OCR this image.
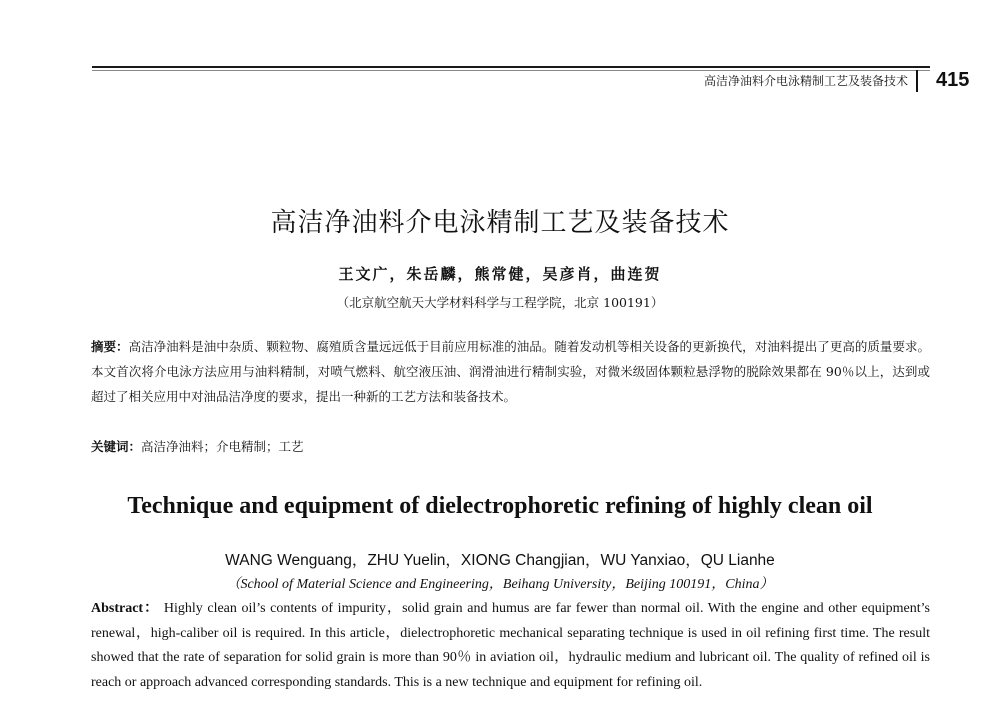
高洁净油料介电泳精制工艺及装备技术	415
高洁净油料介电泳精制工艺及装备技术
王文广，朱岳麟，熊常健，吴彦肖，曲连贺
（北京航空航天大学材料科学与工程学院，北京 100191）
摘要：高洁净油料是油中杂质、颗粒物、腐殖质含量远远低于目前应用标准的油品。随着发动机等相关设备的更新换代，对油料提出了更高的质量要求。本文首次将介电泳方法应用与油料精制，对喷气燃料、航空液压油、润滑油进行精制实验，对微米级固体颗粒悬浮物的脱除效果都在 90％以上，达到或超过了相关应用中对油品洁净度的要求，提出一种新的工艺方法和装备技术。
关键词：高洁净油料；介电精制；工艺
Technique and equipment of dielectrophoretic refining of highly clean oil
WANG Wenguang，ZHU Yuelin，XIONG Changjian，WU Yanxiao，QU Lianhe
（School of Material Science and Engineering，Beihang University，Beijing 100191，China）
Abstract： Highly clean oil’s contents of impurity，solid grain and humus are far fewer than normal oil. With the engine and other equipment’s renewal，high-caliber oil is required. In this article，dielectrophoretic mechanical separating technique is used in oil refining first time. The result showed that the rate of separation for solid grain is more than 90％ in aviation oil，hydraulic medium and lubricant oil. The quality of refined oil is reach or approach advanced corresponding standards. This is a new technique and equipment for refining oil.
